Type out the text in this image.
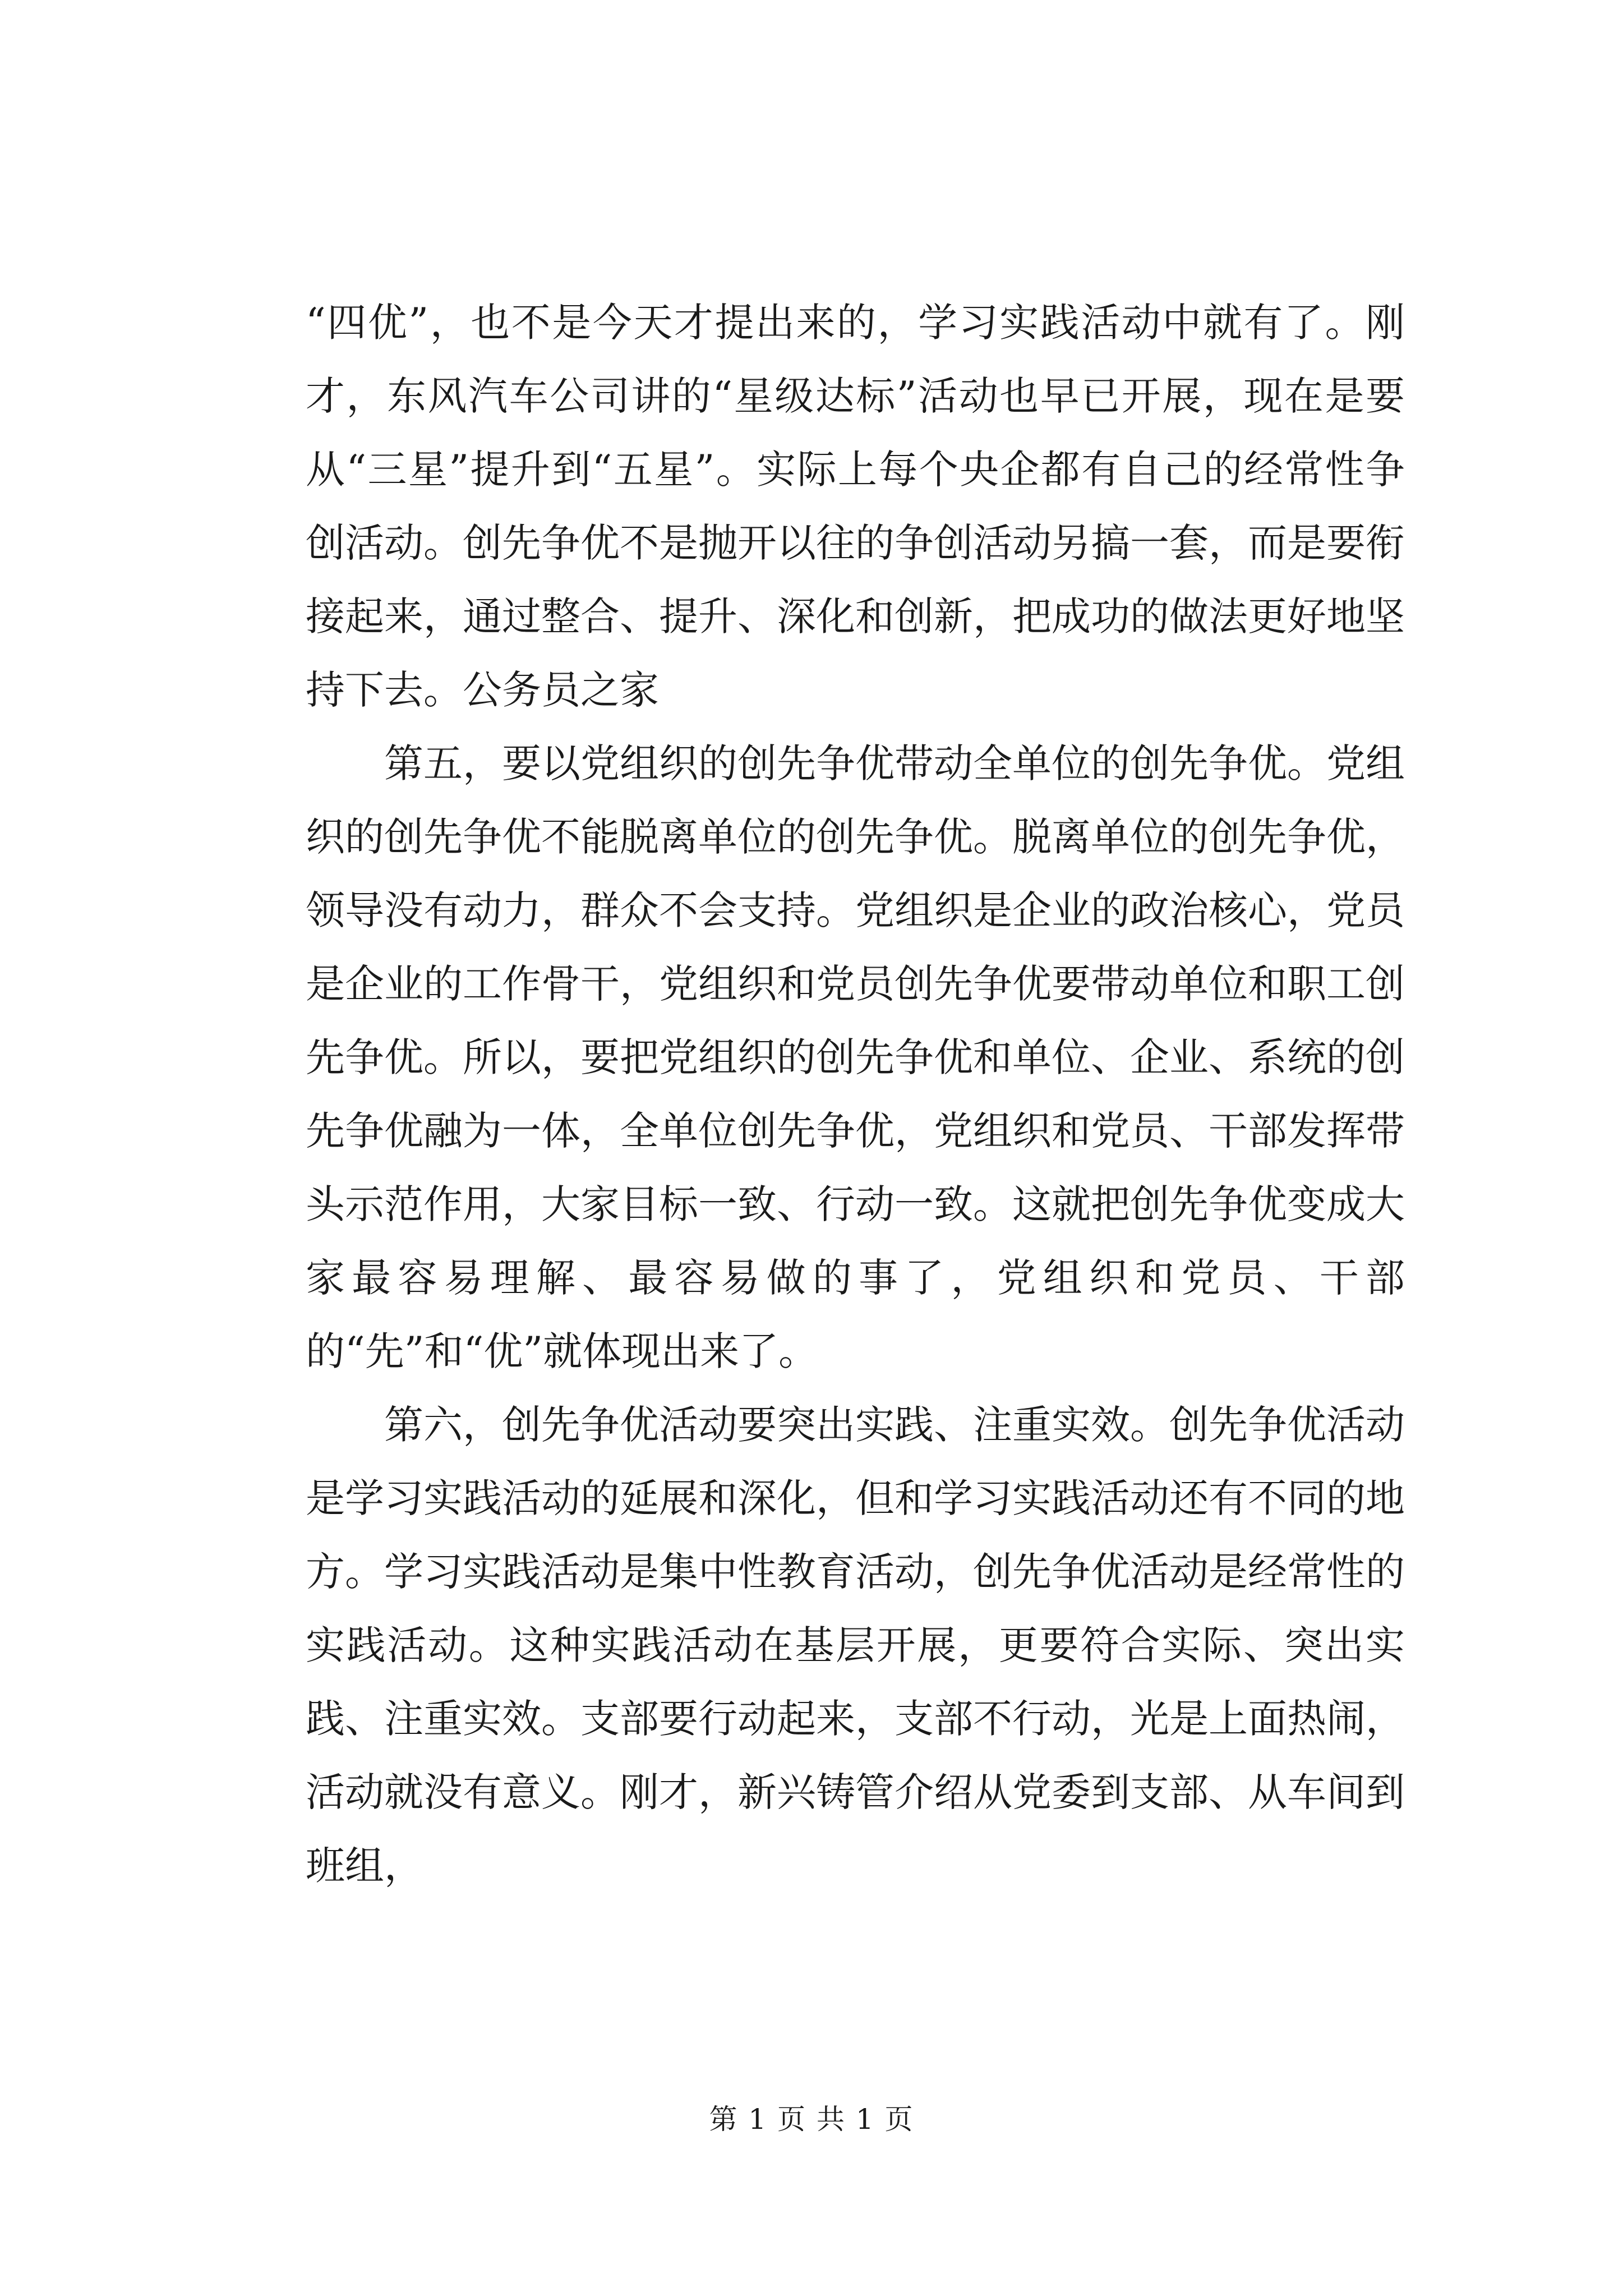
“四优”，也不是今天才提出来的，学习实践活动中就有了。刚才，东风汽车公司讲的“星级达标”活动也早已开展，现在是要从“三星”提升到“五星”。实际上每个央企都有自己的经常性争创活动。创先争优不是抛开以往的争创活动另搞一套，而是要衔接起来，通过整合、提升、深化和创新，把成功的做法更好地坚持下去。公务员之家

第五，要以党组织的创先争优带动全单位的创先争优。党组织的创先争优不能脱离单位的创先争优。脱离单位的创先争优，领导没有动力，群众不会支持。党组织是企业的政治核心，党员是企业的工作骨干，党组织和党员创先争优要带动单位和职工创先争优。所以，要把党组织的创先争优和单位、企业、系统的创先争优融为一体，全单位创先争优，党组织和党员、干部发挥带头示范作用，大家目标一致、行动一致。这就把创先争优变成大家最容易理解、最容易做的事了，党组织和党员、干部的“先”和“优”就体现出来了。

第六，创先争优活动要突出实践、注重实效。创先争优活动是学习实践活动的延展和深化，但和学习实践活动还有不同的地方。学习实践活动是集中性教育活动，创先争优活动是经常性的实践活动。这种实践活动在基层开展，更要符合实际、突出实践、注重实效。支部要行动起来，支部不行动，光是上面热闹，活动就没有意义。刚才，新兴铸管介绍从党委到支部、从车间到班组，

第 1 页 共 1 页
